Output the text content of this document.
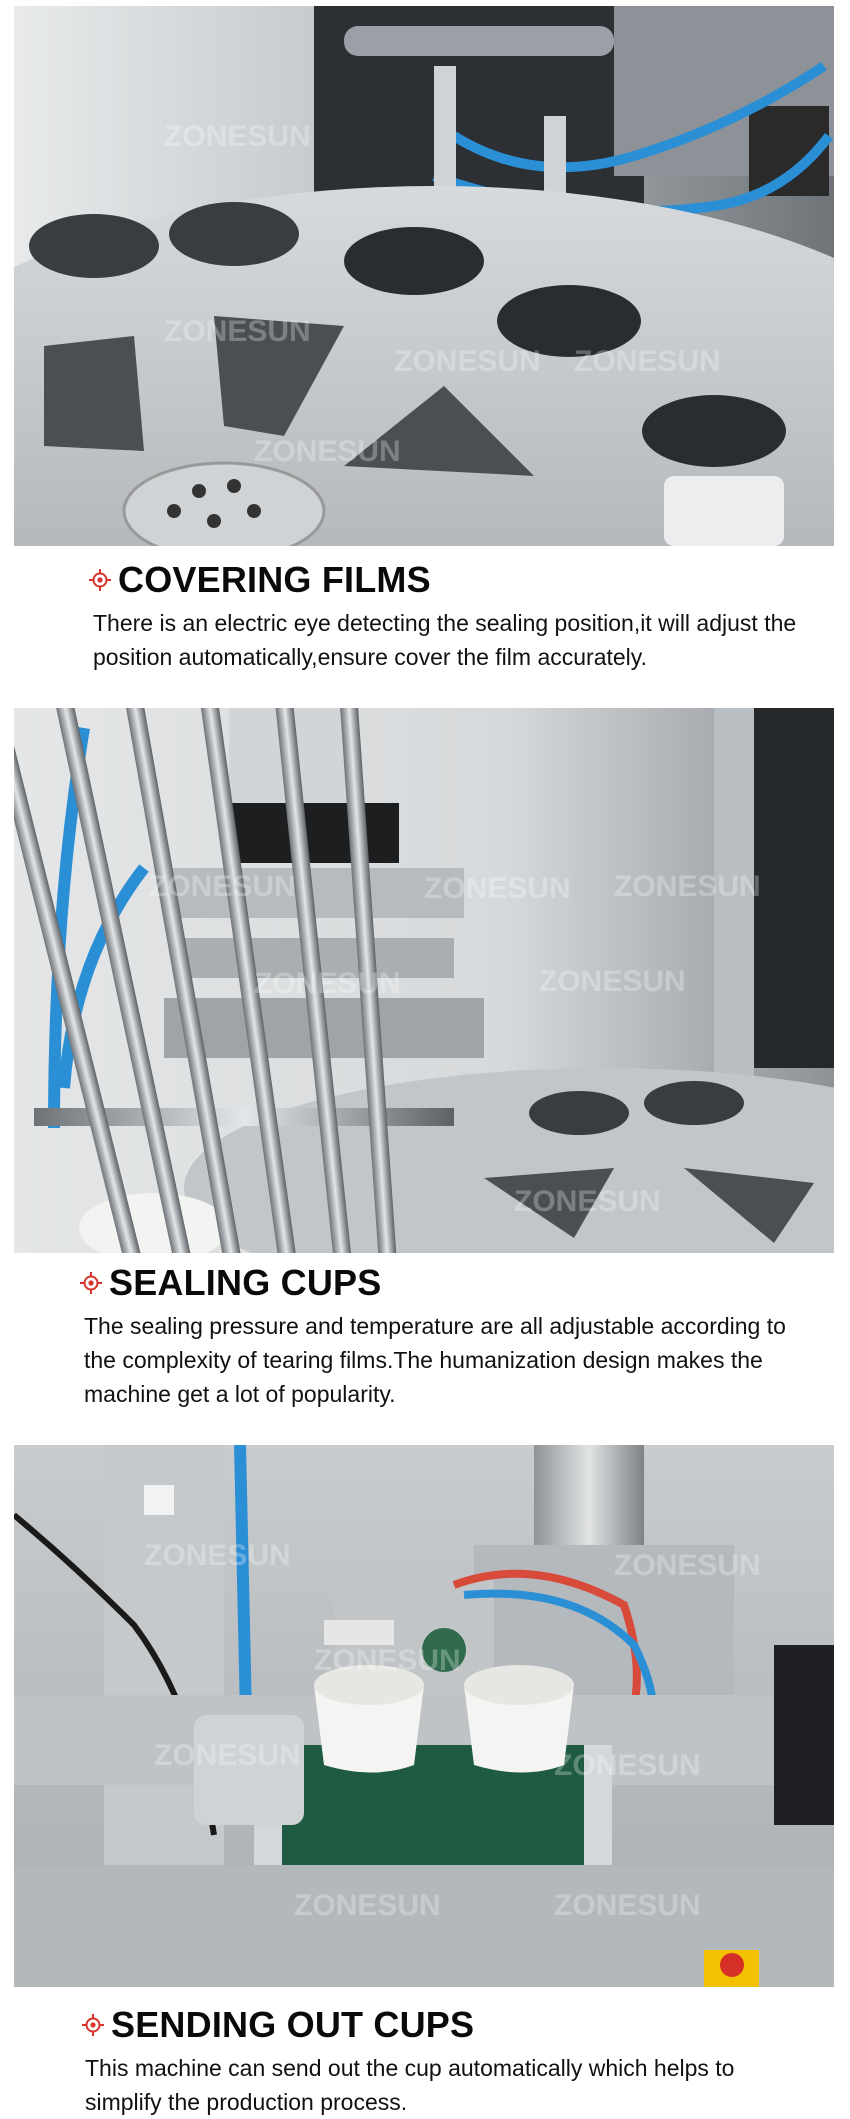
ZONESUN
ZONESUN
ZONESUN ZONESUN
ZONESUN
COVERING FILMS
There is an electric eye detecting the sealing position,it will adjust the position automatically,ensure cover the film accurately.
ZONESUN	ZONESUN ZONESUN
ZONESUN
ZONESUN
ZONESUN
SEALING CUPS
The sealing pressure and temperature are all adjustable according to the complexity of tearing films.The humanization design makes the machine get a lot of popularity.
ZONESUN	ZONESUN
ZONESUN
ZONESUN	ZONESUN
ZONESUN	ZONESUN
SENDING OUT CUPS
This machine can send out the cup automatically which helps to simplify the production process.
